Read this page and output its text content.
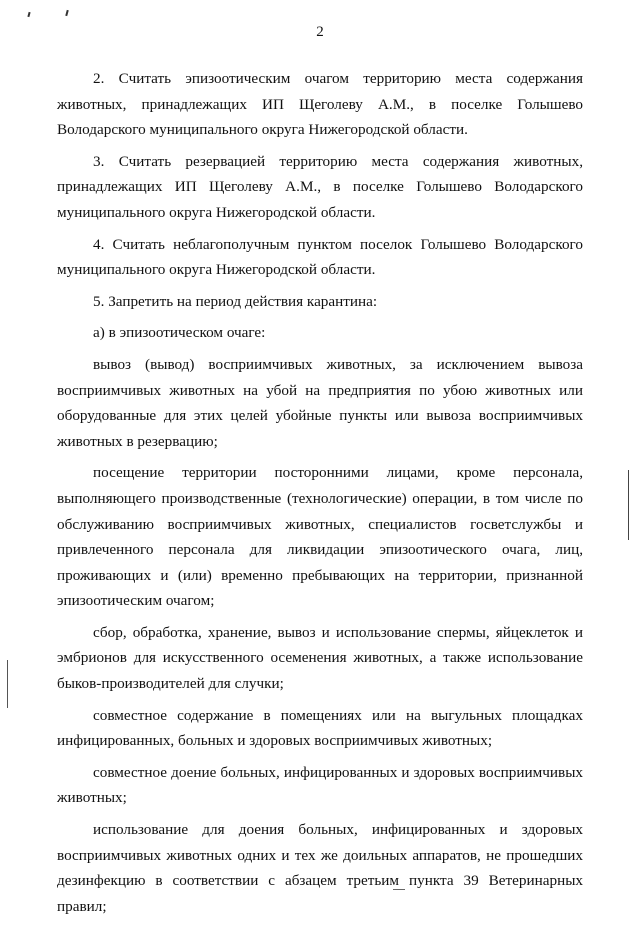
2

2. Считать эпизоотическим очагом территорию места содержания животных, принадлежащих ИП Щеголеву А.М., в поселке Голышево Володарского муниципального округа Нижегородской области.

3. Считать резервацией территорию места содержания животных, принадлежащих ИП Щеголеву А.М., в поселке Голышево Володарского муниципального округа Нижегородской области.

4. Считать неблагополучным пунктом поселок Голышево Володарского муниципального округа Нижегородской области.

5. Запретить на период действия карантина:

а) в эпизоотическом очаге:

вывоз (вывод) восприимчивых животных, за исключением вывоза восприимчивых животных на убой на предприятия по убою животных или оборудованные для этих целей убойные пункты или вывоза восприимчивых животных в резервацию;

посещение территории посторонними лицами, кроме персонала, выполняющего производственные (технологические) операции, в том числе по обслуживанию восприимчивых животных, специалистов госветслужбы и привлеченного персонала для ликвидации эпизоотического очага, лиц, проживающих и (или) временно пребывающих на территории, признанной эпизоотическим очагом;

сбор, обработка, хранение, вывоз и использование спермы, яйцеклеток и эмбрионов для искусственного осеменения животных, а также использование быков-производителей для случки;

совместное содержание в помещениях или на выгульных площадках инфицированных, больных и здоровых восприимчивых животных;

совместное доение больных, инфицированных и здоровых восприимчивых животных;

использование для доения больных, инфицированных и здоровых восприимчивых животных одних и тех же доильных аппаратов, не прошедших дезинфекцию в соответствии с абзацем третьим пункта 39 Ветеринарных правил;
